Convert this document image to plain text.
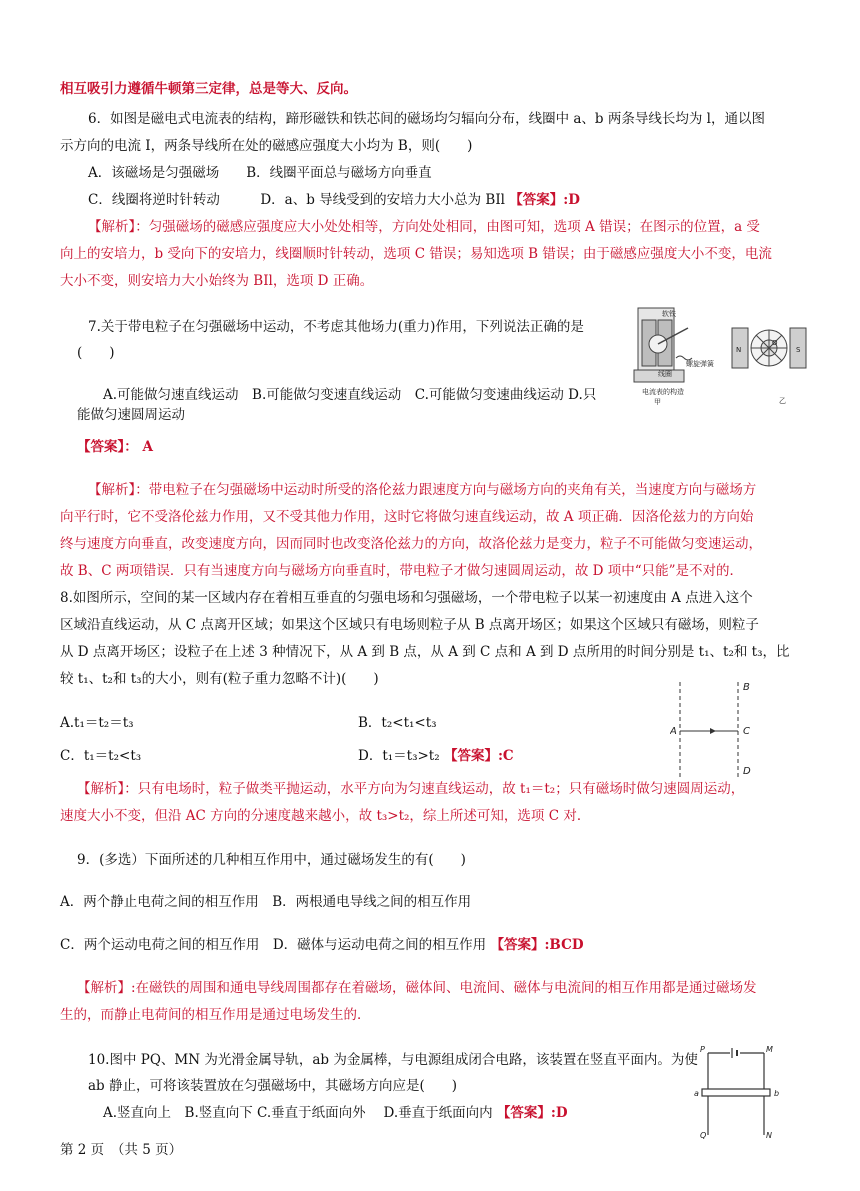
相互吸引力遵循牛顿第三定律，总是等大、反向。
6．如图是磁电式电流表的结构，蹄形磁铁和铁芯间的磁场均匀辐向分布，线圈中 a、b 两条导线长均为 l，通以图
示方向的电流 I，两条导线所在处的磁感应强度大小均为 B，则(　　)
A．该磁场是匀强磁场　　B．线圈平面总与磁场方向垂直
C．线圈将逆时针转动　　　D．a、b 导线受到的安培力大小总为 BIl 【答案】:D
【解析】：匀强磁场的磁感应强度应大小处处相等，方向处处相同，由图可知，选项 A 错误；在图示的位置，a 受
向上的安培力，b 受向下的安培力，线圈顺时针转动，选项 C 错误；易知选项 B 错误；由于磁感应强度大小不变，电流
大小不变，则安培力大小始终为 BIl，选项 D 正确。
7.关于带电粒子在匀强磁场中运动，不考虑其他场力(重力)作用，下列说法正确的是
(　　)
A.可能做匀速直线运动　B.可能做匀变速直线运动　C.可能做匀变速曲线运动 D.只
能做匀速圆周运动
【答案】： A
【解析】：带电粒子在匀强磁场中运动时所受的洛伦兹力跟速度方向与磁场方向的夹角有关，当速度方向与磁场方
向平行时，它不受洛伦兹力作用，又不受其他力作用，这时它将做匀速直线运动，故 A 项正确．因洛伦兹力的方向始
终与速度方向垂直，改变速度方向，因而同时也改变洛伦兹力的方向，故洛伦兹力是变力，粒子不可能做匀变速运动，
故 B、C 两项错误．只有当速度方向与磁场方向垂直时，带电粒子才做匀速圆周运动，故 D 项中“只能”是不对的．
8.如图所示，空间的某一区域内存在着相互垂直的匀强电场和匀强磁场，一个带电粒子以某一初速度由 A 点进入这个
区域沿直线运动，从 C 点离开区域；如果这个区域只有电场则粒子从 B 点离开场区；如果这个区域只有磁场，则粒子
从 D 点离开场区；设粒子在上述 3 种情况下，从 A 到 B 点，从 A 到 C 点和 A 到 D 点所用的时间分别是 t₁、t₂和 t₃，比
较 t₁、t₂和 t₃的大小，则有(粒子重力忽略不计)(　　)
A.t₁＝t₂＝t₃	B．t₂<t₁<t₃
C．t₁＝t₂<t₃	D．t₁＝t₃>t₂ 【答案】:C
【解析】：只有电场时，粒子做类平抛运动，水平方向为匀速直线运动，故 t₁＝t₂；只有磁场时做匀速圆周运动，
速度大小不变，但沿 AC 方向的分速度越来越小，故 t₃>t₂，综上所述可知，选项 C 对．
9．(多选）下面所述的几种相互作用中，通过磁场发生的有(　　)
A．两个静止电荷之间的相互作用　B．两根通电导线之间的相互作用
C．两个运动电荷之间的相互作用　D．磁体与运动电荷之间的相互作用 【答案】:BCD
【解析】:在磁铁的周围和通电导线周围都存在着磁场，磁体间、电流间、磁体与电流间的相互作用都是通过磁场发
生的，而静止电荷间的相互作用是通过电场发生的．
10.图中 PQ、MN 为光滑金属导轨，ab 为金属棒，与电源组成闭合电路，该装置在竖直平面内。为使
ab 静止，可将该装置放在匀强磁场中，其磁场方向应是(　　)
A.竖直向上　B.竖直向下 C.垂直于纸面向外　 D.垂直于纸面向内 【答案】:D
第 2 页　（共 5 页）
软铁
线圈
螺旋弹簧
电流表的构造
甲
N	S
O
乙
A
B
C
D
P	M
a	b
Q	N
